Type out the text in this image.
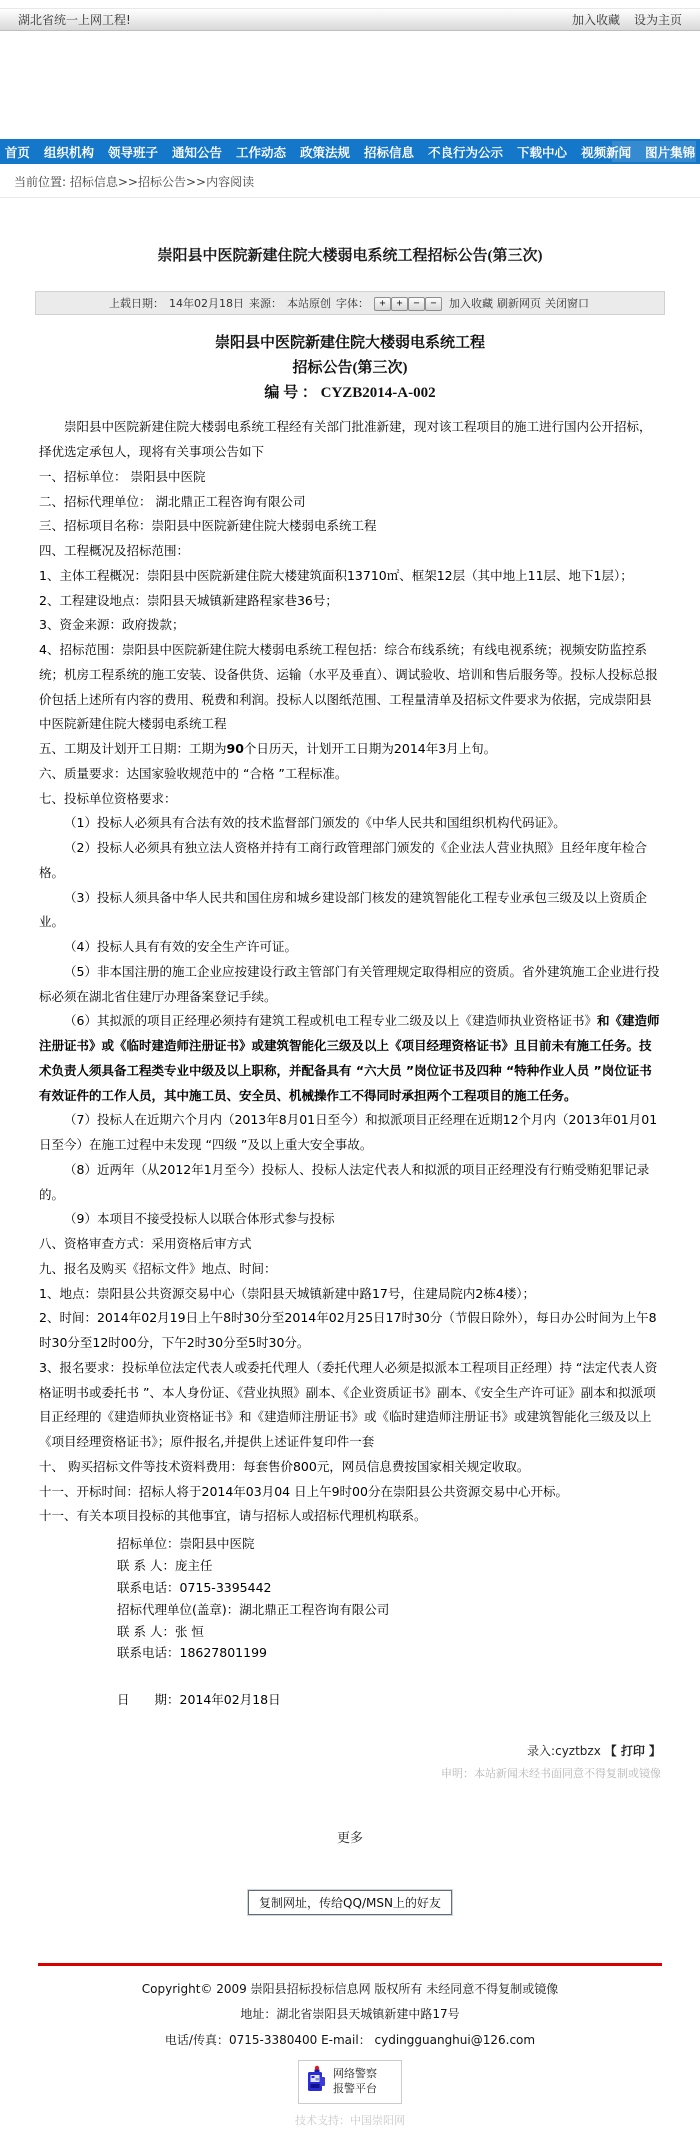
湖北省统一上网工程!	加入收藏 设为主页
首页 组织机构 领导班子 通知公告 工作动态 政策法规 招标信息 不良行为公示 下载中心 视频新闻 图片集锦
当前位置: 招标信息>>招标公告>>内容阅读
崇阳县中医院新建住院大楼弱电系统工程招标公告(第三次)
上载日期： 14年02月18日 来源： 本站原创 字体：	+ + − −	加入收藏 刷新网页 关闭窗口
崇阳县中医院新建住院大楼弱电系统工程
招标公告(第三次)
编 号 ： CYZB2014-A-002

崇阳县中医院新建住院大楼弱电系统工程经有关部门批准新建，现对该工程项目的施工进行国内公开招标，择优选定承包人，现将有关事项公告如下

一、招标单位： 崇阳县中医院

二、招标代理单位： 湖北鼎正工程咨询有限公司

三、招标项目名称：崇阳县中医院新建住院大楼弱电系统工程

四、工程概况及招标范围：

1、主体工程概况：崇阳县中医院新建住院大楼建筑面积13710㎡、框架12层（其中地上11层、地下1层）；

2、工程建设地点：崇阳县天城镇新建路程家巷36号；

3、资金来源：政府拨款；

4、招标范围：崇阳县中医院新建住院大楼弱电系统工程包括：综合布线系统；有线电视系统；视频安防监控系统；机房工程系统的施工安装、设备供货、运输（水平及垂直）、调试验收、培训和售后服务等。投标人投标总报价包括上述所有内容的费用、税费和利润。投标人以图纸范围、工程量清单及招标文件要求为依据，完成崇阳县中医院新建住院大楼弱电系统工程

五、工期及计划开工日期：工期为90个日历天，计划开工日期为2014年3月上旬。

六、质量要求：达国家验收规范中的 “合格 ”工程标准。

七、投标单位资格要求：

（1）投标人必须具有合法有效的技术监督部门颁发的《中华人民共和国组织机构代码证》。

（2）投标人必须具有独立法人资格并持有工商行政管理部门颁发的《企业法人营业执照》且经年度年检合格。

（3）投标人须具备中华人民共和国住房和城乡建设部门核发的建筑智能化工程专业承包三级及以上资质企业。

（4）投标人具有有效的安全生产许可证。

（5）非本国注册的施工企业应按建设行政主管部门有关管理规定取得相应的资质。省外建筑施工企业进行投标必须在湖北省住建厅办理备案登记手续。

（6）其拟派的项目正经理必须持有建筑工程或机电工程专业二级及以上《建造师执业资格证书》和《建造师注册证书》或《临时建造师注册证书》或建筑智能化三级及以上《项目经理资格证书》且目前未有施工任务。技术负责人须具备工程类专业中级及以上职称，并配备具有 “六大员 ”岗位证书及四种 “特种作业人员 ”岗位证书有效证件的工作人员，其中施工员、安全员、机械操作工不得同时承担两个工程项目的施工任务。

（7）投标人在近期六个月内（2013年8月01日至今）和拟派项目正经理在近期12个月内（2013年01月01日至今）在施工过程中未发现 “四级 ”及以上重大安全事故。

（8）近两年（从2012年1月至今）投标人、投标人法定代表人和拟派的项目正经理没有行贿受贿犯罪记录的。

（9）本项目不接受投标人以联合体形式参与投标

八、资格审查方式：采用资格后审方式

九、报名及购买《招标文件》地点、时间：

1、地点：崇阳县公共资源交易中心（崇阳县天城镇新建中路17号，住建局院内2栋4楼）；

2、时间：2014年02月19日上午8时30分至2014年02月25日17时30分（节假日除外），每日办公时间为上午8时30分至12时00分，下午2时30分至5时30分。

3、报名要求：投标单位法定代表人或委托代理人（委托代理人必须是拟派本工程项目正经理）持 “法定代表人资格证明书或委托书 ”、本人身份证、《营业执照》副本、《企业资质证书》副本、《安全生产许可证》副本和拟派项目正经理的《建造师执业资格证书》和《建造师注册证书》或《临时建造师注册证书》或建筑智能化三级及以上《项目经理资格证书》；原件报名,并提供上述证件复印件一套

十、 购买招标文件等技术资料费用：每套售价800元，网员信息费按国家相关规定收取。

十一、开标时间：招标人将于2014年03月04 日上午9时00分在崇阳县公共资源交易中心开标。

十一、有关本项目投标的其他事宜，请与招标人或招标代理机构联系。

招标单位：崇阳县中医院
联 系 人：庞主任
联系电话：0715-3395442
招标代理单位(盖章)：湖北鼎正工程咨询有限公司
联 系 人：张 恒
联系电话：18627801199
日　　期：2014年02月18日
录入:cyztbzx 【 打印 】
申明：本站新闻未经书面同意不得复制或镜像
更多
复制网址，传给QQ/MSN上的好友
Copyright© 2009 崇阳县招标投标信息网 版权所有 未经同意不得复制或镜像
地址：湖北省崇阳县天城镇新建中路17号
电话/传真：0715-3380400 E-mail： cydingguanghui@126.com
网络警察
报警平台
技术支持：中国崇阳网
